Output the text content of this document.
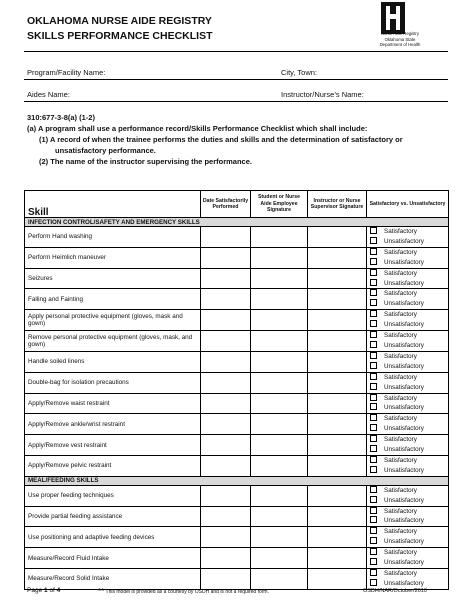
OKLAHOMA NURSE AIDE REGISTRY
SKILLS PERFORMANCE CHECKLIST	Nurse Aide Registry
Oklahoma State
Department of Health
Program/Facility Name:	City, Town:
Aides Name:	Instructor/Nurse’s Name:
310:677-3-8(a) (1-2)
(a) A program shall use a performance record/Skills Performance Checklist which shall include:
(1) A record of when the trainee performs the duties and skills and the determination of satisfactory or unsatisfactory performance.
(2) The name of the instructor supervising the performance.
Skill	Date Satisfactorily Performed	Student or Nurse Aide Employee Signature	Instructor or Nurse Supervisor Signature	Satisfactory vs. Unsatisfactory
INFECTION CONTROL/SAFETY AND EMERGENCY SKILLS				
Perform Hand washing				Satisfactory
Unsatisfactory

Perform Heimlich maneuver				Satisfactory
Unsatisfactory

Seizures				Satisfactory
Unsatisfactory

Falling and Fainting				Satisfactory
Unsatisfactory

Apply personal protective equipment (gloves, mask and gown)				Satisfactory
Unsatisfactory

Remove personal protective equipment (gloves, mask, and gown)				Satisfactory
Unsatisfactory

Handle soiled linens				Satisfactory
Unsatisfactory

Double-bag for isolation precautions				Satisfactory
Unsatisfactory

Apply/Remove waist restraint				Satisfactory
Unsatisfactory

Apply/Remove ankle/wrist restraint				Satisfactory
Unsatisfactory

Apply/Remove vest restraint				Satisfactory
Unsatisfactory

Apply/Remove pelvic restraint				Satisfactory
Unsatisfactory

MEAL/FEEDING SKILLS				
Use proper feeding techniques				Satisfactory
Unsatisfactory

Provide partial feeding assistance				Satisfactory
Unsatisfactory

Use positioning and adaptive feeding devices				Satisfactory
Unsatisfactory

Measure/Record Fluid Intake				Satisfactory
Unsatisfactory

Measure/Record Solid Intake				Satisfactory
Unsatisfactory
Page 1 of 4	** This model is provided as a courtesy by OSDH and is not a required form.	OSDH/NAR/October/2010
